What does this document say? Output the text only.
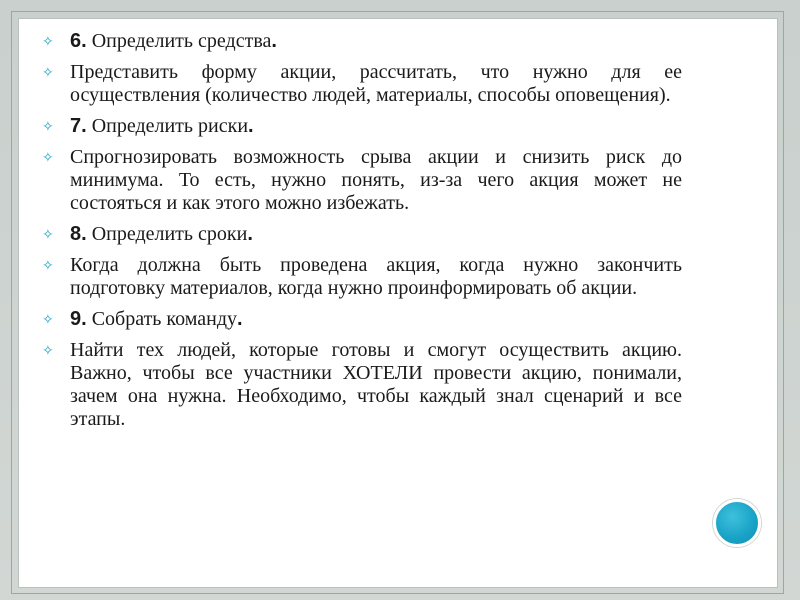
✧ 6. Определить средства.
✧ Представить форму акции, рассчитать, что нужно для ее осуществления (количество людей, материалы, способы оповещения).
✧ 7. Определить риски.
✧ Спрогнозировать возможность срыва акции и снизить риск до минимума. То есть, нужно понять, из-за чего акция может не состояться и как этого можно избежать.
✧ 8. Определить сроки.
✧ Когда должна быть проведена акция, когда нужно закончить подготовку материалов, когда нужно проинформировать об акции.
✧ 9. Собрать команду.
✧ Найти тех людей, которые готовы и смогут осуществить акцию. Важно, чтобы все участники ХОТЕЛИ провести акцию, понимали, зачем она нужна. Необходимо, чтобы каждый знал сценарий и все этапы.
